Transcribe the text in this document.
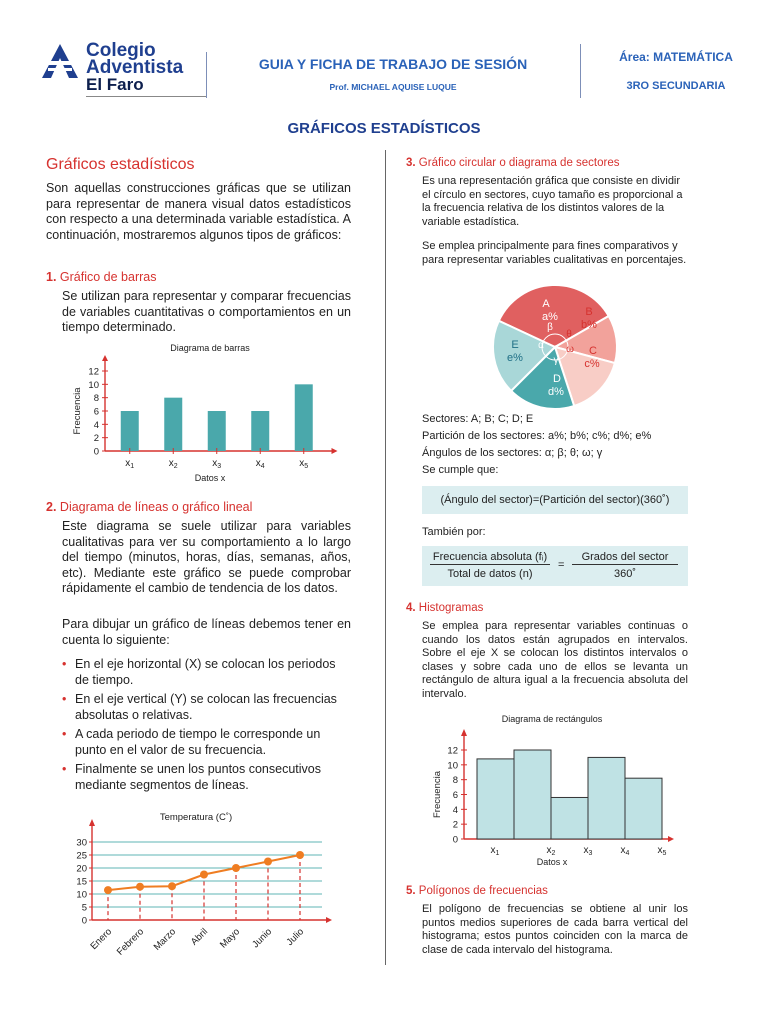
Colegio
Adventista
El Faro
GUIA Y FICHA DE TRABAJO DE SESIÓN
Prof. MICHAEL AQUISE LUQUE
Área: MATEMÁTICA
3RO SECUNDARIA
GRÁFICOS ESTADÍSTICOS
Gráficos estadísticos
Son aquellas construcciones gráficas que se utilizan para representar de manera visual datos estadísticos con respecto a una determinada variable estadística. A continuación, mostraremos algunos tipos de gráficos:
1. Gráfico de barras
Se utilizan para representar y comparar frecuencias de variables cuantitativas o comportamientos en un tiempo determinado.
Diagrama de barras
0
2
4
6
8
10
12
$x_1$	$x_2$	$x_3$	$x_4$	$x_5$
Datos x
Frecuencia
2. Diagrama de líneas o gráfico lineal
Este diagrama se suele utilizar para variables cualitativas para ver su comportamiento a lo largo del tiempo (minutos, horas, días, semanas, años, etc). Mediante este gráfico se puede comprobar rápidamente el cambio de tendencia de los datos.
Para dibujar un gráfico de líneas debemos tener en cuenta lo siguiente:
• En el eje horizontal (X) se colocan los periodos de tiempo.
• En el eje vertical (Y) se colocan las frecuencias absolutas o relativas.
• A cada periodo de tiempo le corresponde un punto en el valor de su frecuencia.
• Finalmente se unen los puntos consecutivos mediante segmentos de líneas.
Temperatura (C˚)
0
5
10
15
20
25
30
Enero Febrero Marzo Abril Mayo Junio Julio
3. Gráfico circular o diagrama de sectores
Es una representación gráfica que consiste en dividir el círculo en sectores, cuyo tamaño es proporcional a la frecuencia relativa de los distintos valores de la variable estadística.
Se emplea principalmente para fines comparativos y para representar variables cualitativas en porcentajes.
A
a%
β
B
b%
θ
C
c%
ω
D
d%
γ
E
e%
α
Sectores: A; B; C; D; E
Partición de los sectores: a%; b%; c%; d%; e%
Ángulos de los sectores: α; β; θ; ω; γ
Se cumple que:
(Ángulo del sector)=(Partición del sector)(360˚)
También por:
Frecuencia absoluta (fᵢ)
Total de datos (n)
=
Grados del sector
360˚
4. Histogramas
Se emplea para representar variables continuas o cuando los datos están agrupados en intervalos. Sobre el eje X se colocan los distintos intervalos o clases y sobre cada uno de ellos se levanta un rectángulo de altura igual a la frecuencia absoluta del intervalo.
Diagrama de rectángulos
0
2
4
6
8
10
12
$x_1$	$x_2$	$x_3$	$x_4$	$x_5$
Datos x
Frecuencia
5. Polígonos de frecuencias
El polígono de frecuencias se obtiene al unir los puntos medios superiores de cada barra vertical del histograma; estos puntos coinciden con la marca de clase de cada intervalo del histograma.
